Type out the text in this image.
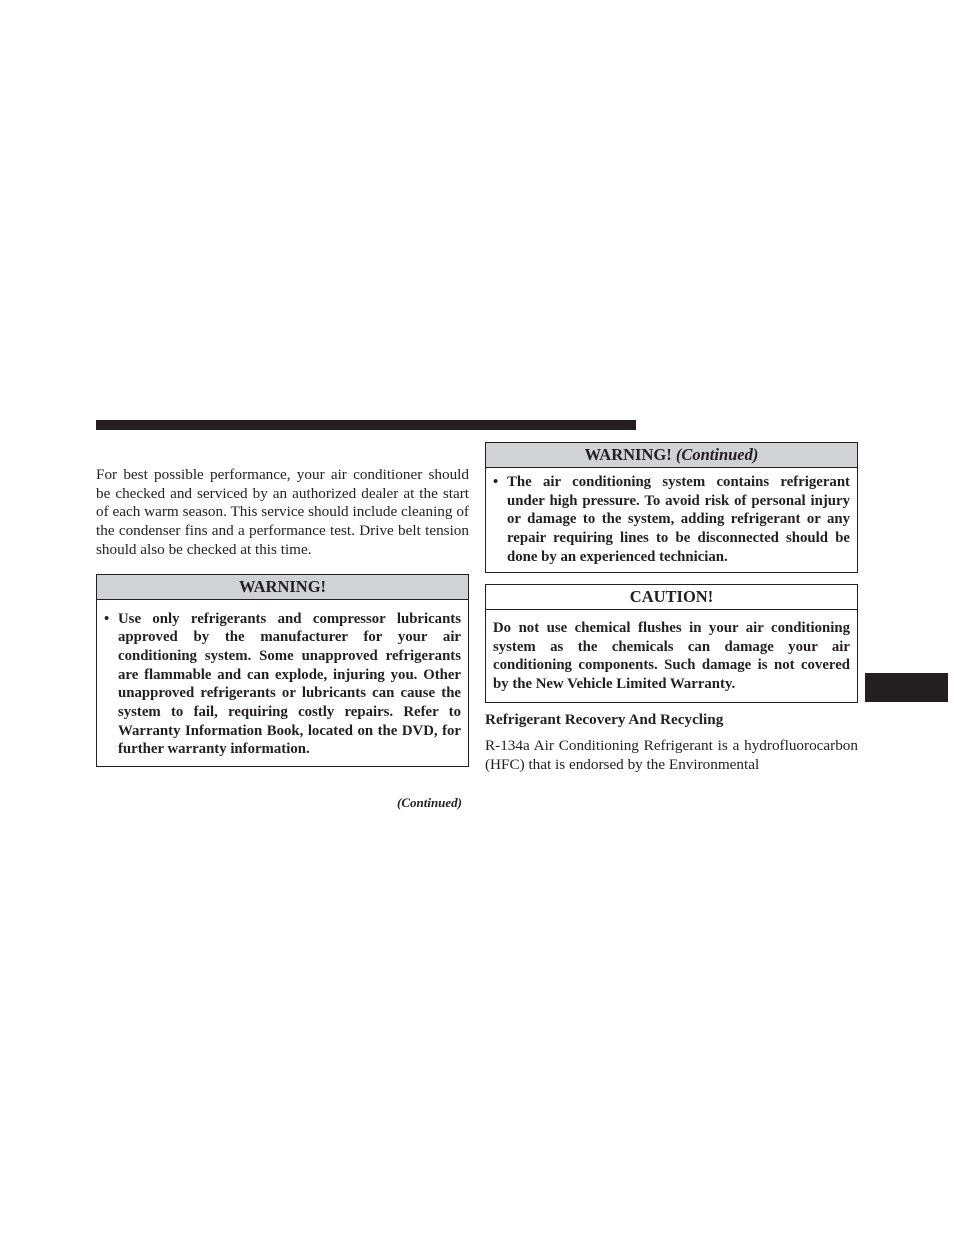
For best possible performance, your air conditioner should be checked and serviced by an authorized dealer at the start of each warm season. This service should include cleaning of the condenser fins and a performance test. Drive belt tension should also be checked at this time.

WARNING!
• Use only refrigerants and compressor lubricants approved by the manufacturer for your air conditioning system. Some unapproved refrigerants are flammable and can explode, injuring you. Other unapproved refrigerants or lubricants can cause the system to fail, requiring costly repairs. Refer to Warranty Information Book, located on the DVD, for further warranty information.
(Continued)
WARNING! (Continued)
• The air conditioning system contains refrigerant under high pressure. To avoid risk of personal injury or damage to the system, adding refrigerant or any repair requiring lines to be disconnected should be done by an experienced technician.
CAUTION!
Do not use chemical flushes in your air conditioning system as the chemicals can damage your air conditioning components. Such damage is not covered by the New Vehicle Limited Warranty.

Refrigerant Recovery And Recycling

R-134a Air Conditioning Refrigerant is a hydrofluorocarbon (HFC) that is endorsed by the Environmental
